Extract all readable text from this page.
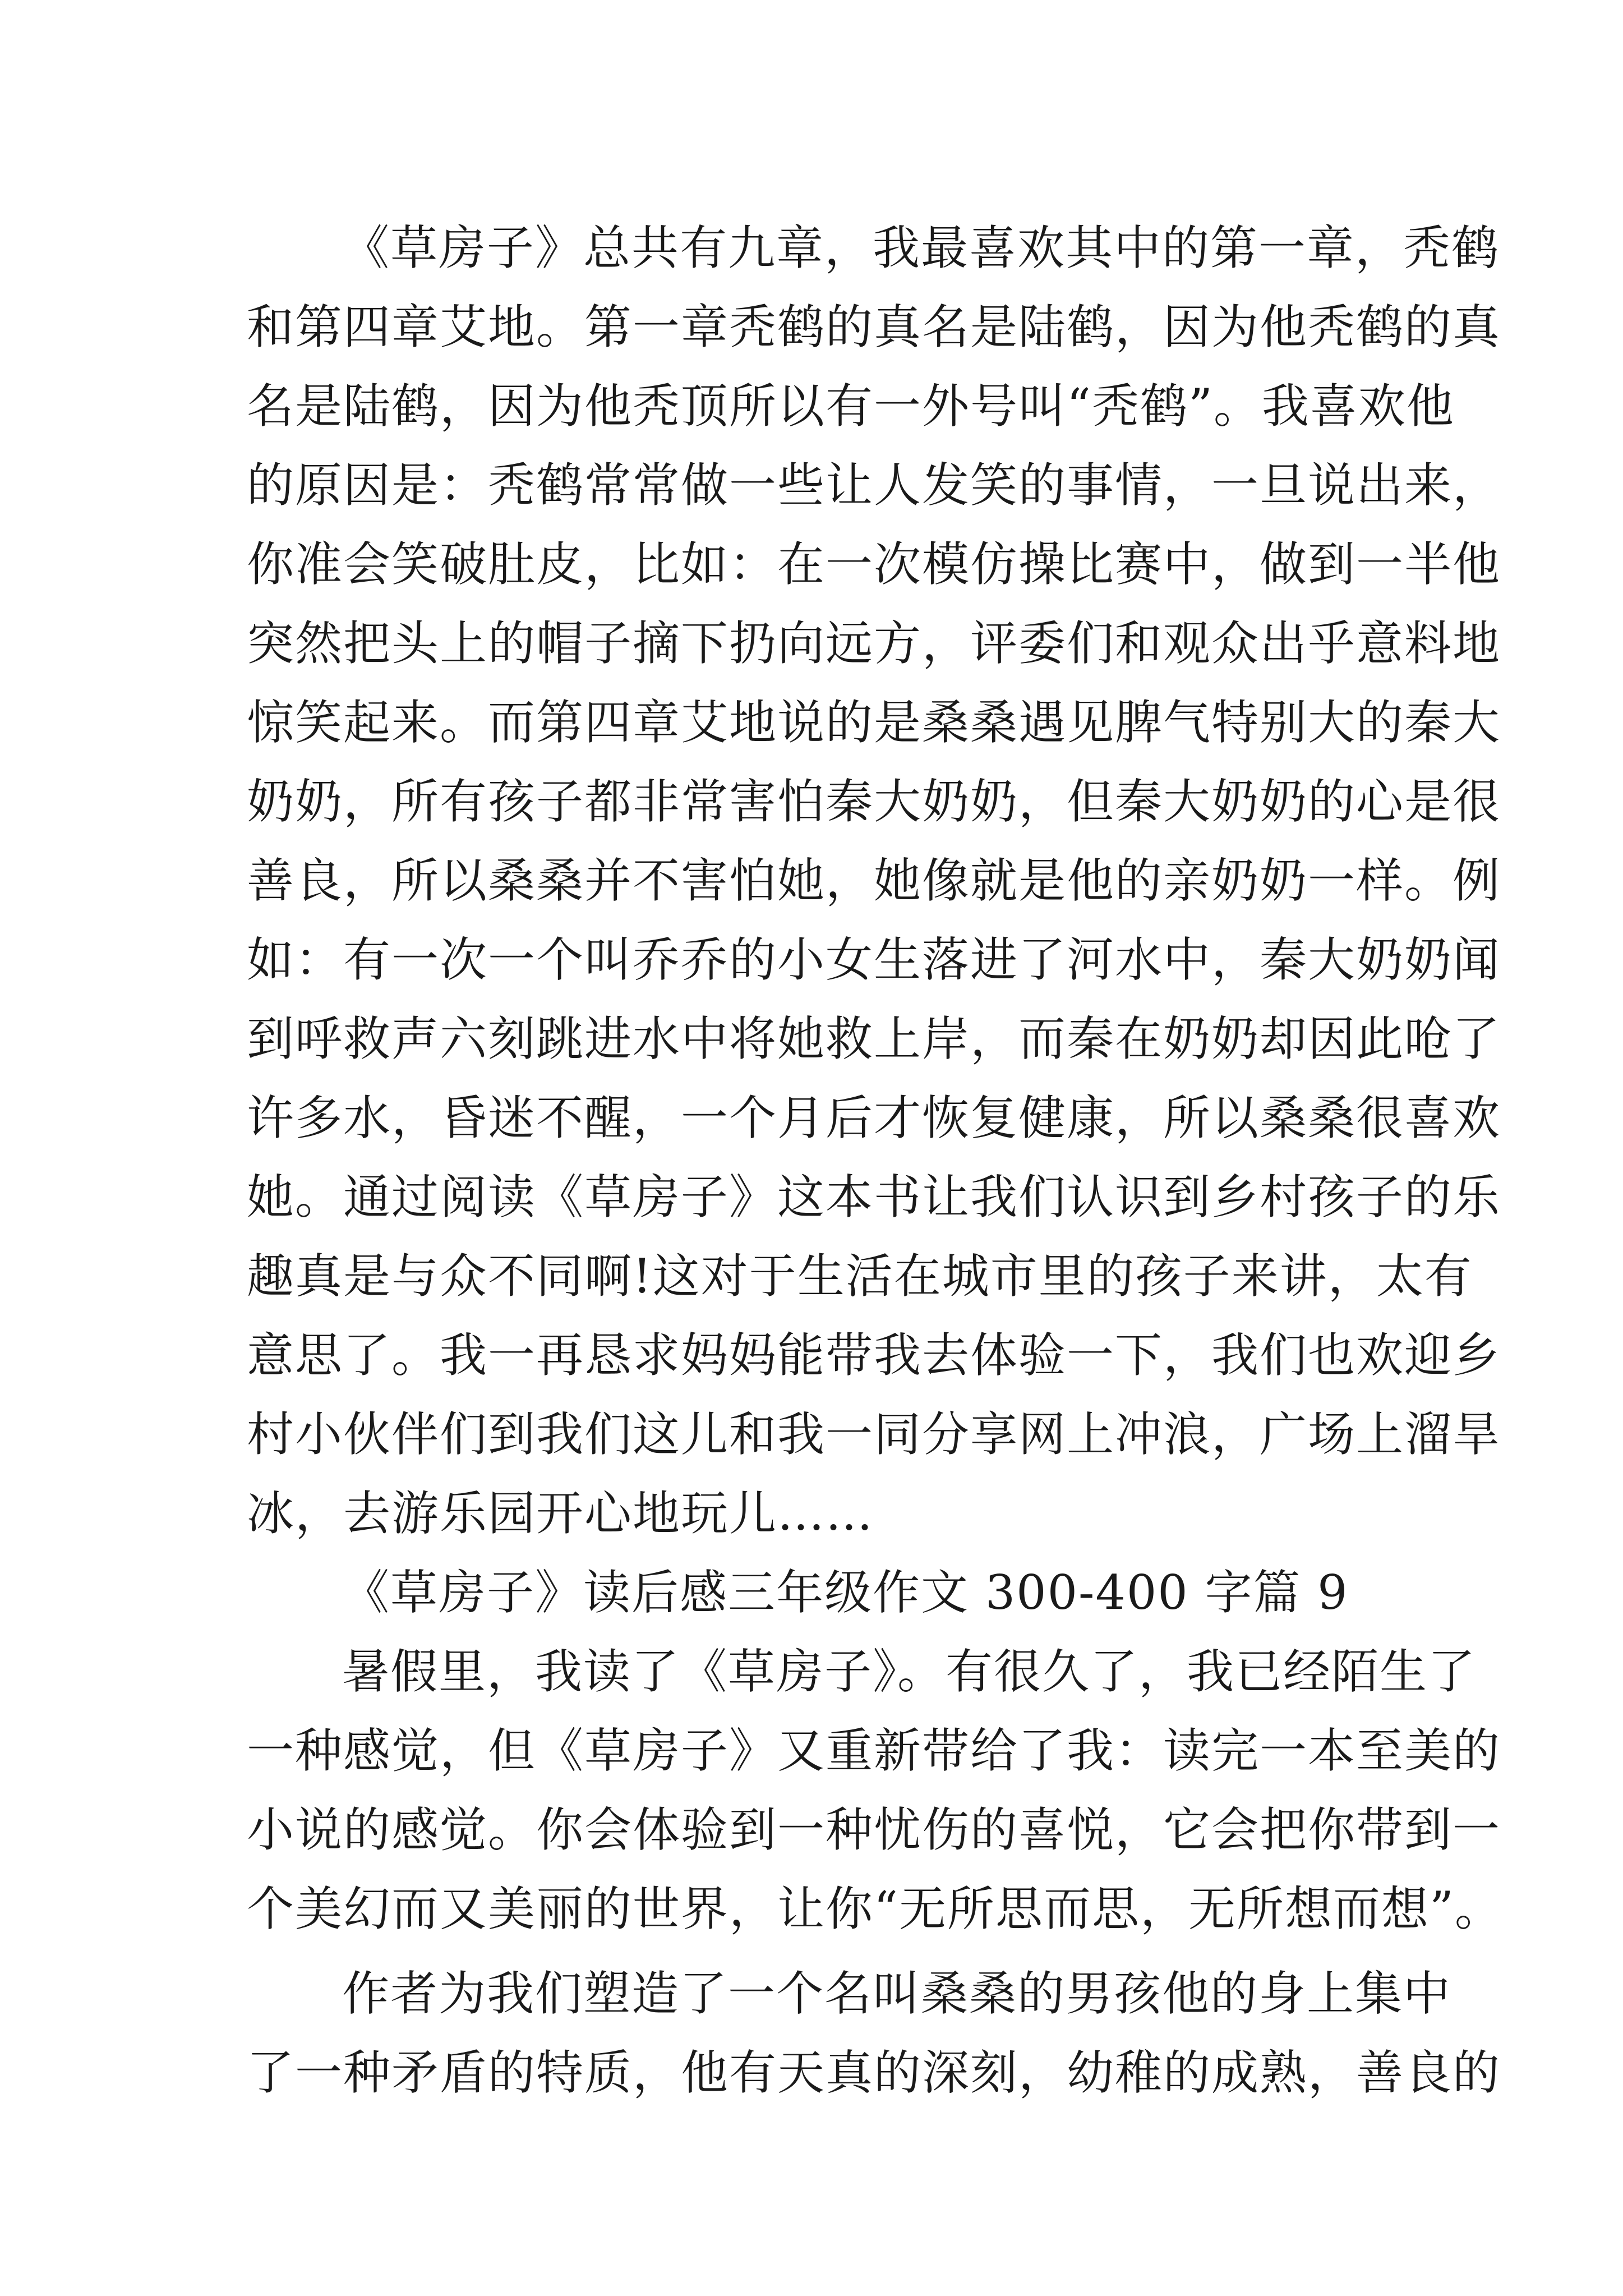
《草房子》总共有九章，我最喜欢其中的第一章，秃鹤
和第四章艾地。第一章秃鹤的真名是陆鹤，因为他秃鹤的真
名是陆鹤，因为他秃顶所以有一外号叫“秃鹤”。我喜欢他
的原因是：秃鹤常常做一些让人发笑的事情，一旦说出来，
你准会笑破肚皮，比如：在一次模仿操比赛中，做到一半他
突然把头上的帽子摘下扔向远方，评委们和观众出乎意料地
惊笑起来。而第四章艾地说的是桑桑遇见脾气特别大的秦大
奶奶，所有孩子都非常害怕秦大奶奶，但秦大奶奶的心是很
善良，所以桑桑并不害怕她，她像就是他的亲奶奶一样。例
如：有一次一个叫乔乔的小女生落进了河水中，秦大奶奶闻
到呼救声六刻跳进水中将她救上岸，而秦在奶奶却因此呛了
许多水，昏迷不醒，一个月后才恢复健康，所以桑桑很喜欢
她。通过阅读《草房子》这本书让我们认识到乡村孩子的乐
趣真是与众不同啊!这对于生活在城市里的孩子来讲，太有
意思了。我一再恳求妈妈能带我去体验一下，我们也欢迎乡
村小伙伴们到我们这儿和我一同分享网上冲浪，广场上溜旱
冰，去游乐园开心地玩儿……
《草房子》读后感三年级作文 300-400 字篇 9
暑假里，我读了《草房子》。有很久了，我已经陌生了
一种感觉，但《草房子》又重新带给了我：读完一本至美的
小说的感觉。你会体验到一种忧伤的喜悦，它会把你带到一
个美幻而又美丽的世界，让你“无所思而思，无所想而想”。
作者为我们塑造了一个名叫桑桑的男孩他的身上集中
了一种矛盾的特质，他有天真的深刻，幼稚的成熟，善良的
